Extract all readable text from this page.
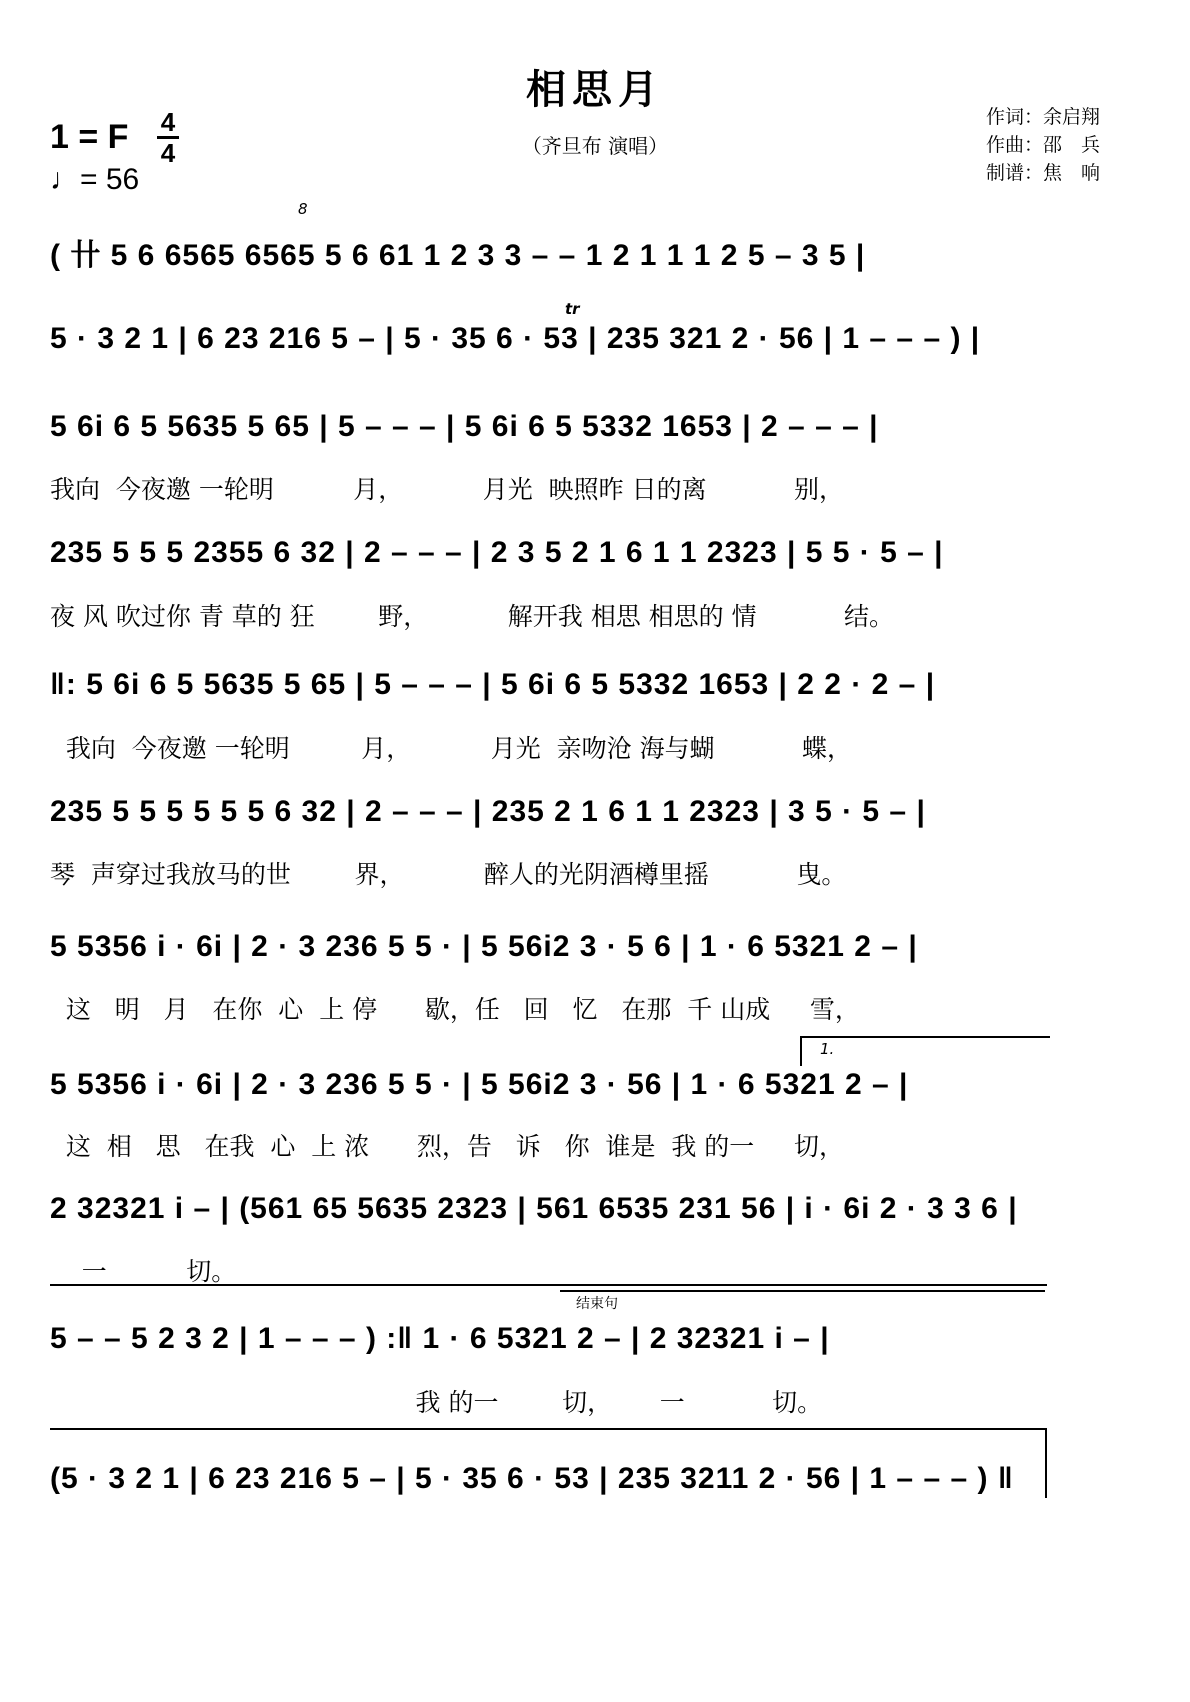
相思月
（齐旦布 演唱）
作词：余启翔
作曲：邵　兵
制谱：焦　响
1 = F 4
4
♩= 56
8
tr
1.
结束句
( 卄 5 6 6565 6565 5 6 61 1 2 3 3 – – 1 2 1 1 1 2 5 – 3 5 |
5 · 3 2 1 | 6 23 216 5 – | 5 · 35 6 · 53 | 235 321 2 · 56 | 1 – – – ) |
5 6i 6 5 5635 5 65 | 5 – – – | 5 6i 6 5 5332 1653 | 2 – – – |
我向  今夜邀 一轮明          月，          月光  映照昨 日的离           别，
235 5 5 5 2355 6 32 | 2 – – – | 2 3 5 2 1 6 1 1 2323 | 5 5 · 5 – |
夜 风 吹过你 青 草的 狂        野，          解开我 相思 相思的 情           结。
‖: 5 6i 6 5 5635 5 65 | 5 – – – | 5 6i 6 5 5332 1653 | 2 2 · 2 – |
我向  今夜邀 一轮明         月，          月光  亲吻沧 海与蝴           蝶，
235 5 5 5 5 5 5 6 32 | 2 – – – | 235 2 1 6 1 1 2323 | 3 5 · 5 – |
琴  声穿过我放马的世        界，          醉人的光阴酒樽里摇           曳。
5 5356 i · 6i | 2 · 3 236 5 5 · | 5 56i2 3 · 5 6 | 1 · 6 5321 2 – |
这   明   月   在你  心  上 停      歇，任   回   忆   在那  千 山成     雪，
5 5356 i · 6i | 2 · 3 236 5 5 · | 5 56i2 3 · 56 | 1 · 6 5321 2 – |
这  相   思   在我  心  上 浓      烈，告   诉   你  谁是  我 的一     切，
2 32321 i – | (561 65 5635 2323 | 561 6535 231 56 | i · 6i 2 · 3 3 6 |
一          切。
5 – – 5 2 3 2 | 1 – – – ) :‖ 1 · 6 5321 2 – | 2 32321 i – |
我 的一        切，      一           切。
(5 · 3 2 1 | 6 23 216 5 – | 5 · 35 6 · 53 | 235 3211 2 · 56 | 1 – – – ) ‖
